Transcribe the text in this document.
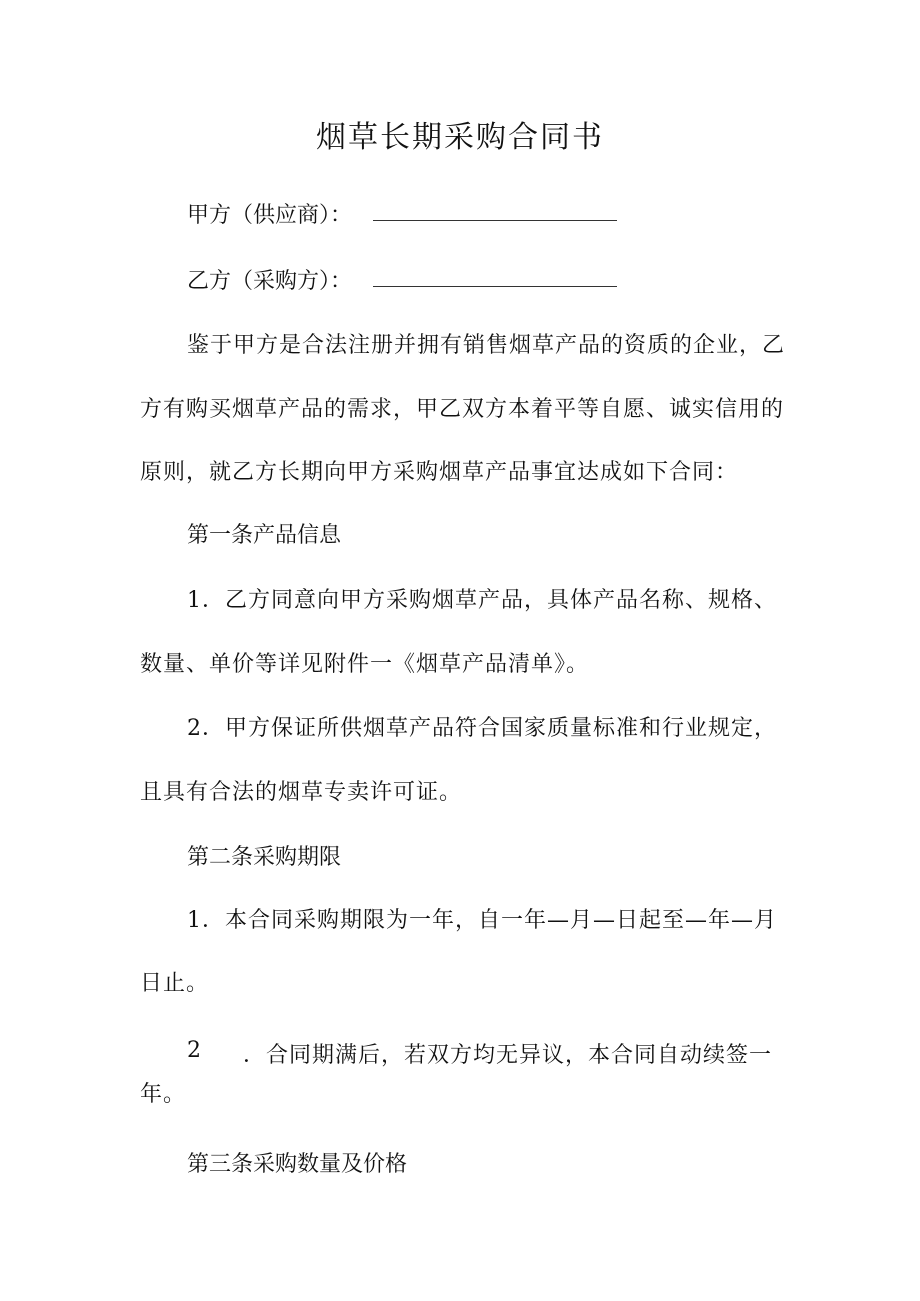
烟草长期采购合同书
甲方（供应商）：
乙方（采购方）：
鉴于甲方是合法注册并拥有销售烟草产品的资质的企业，乙
方有购买烟草产品的需求，甲乙双方本着平等自愿、诚实信用的
原则，就乙方长期向甲方采购烟草产品事宜达成如下合同：
第一条产品信息
1．乙方同意向甲方采购烟草产品，具体产品名称、规格、
数量、单价等详见附件一《烟草产品清单》。
2．甲方保证所供烟草产品符合国家质量标准和行业规定，
且具有合法的烟草专卖许可证。
第二条采购期限
1．本合同采购期限为一年，自一年—月—日起至—年—月
日止。
2 ．合同期满后，若双方均无异议，本合同自动续签一
年。
第三条采购数量及价格
